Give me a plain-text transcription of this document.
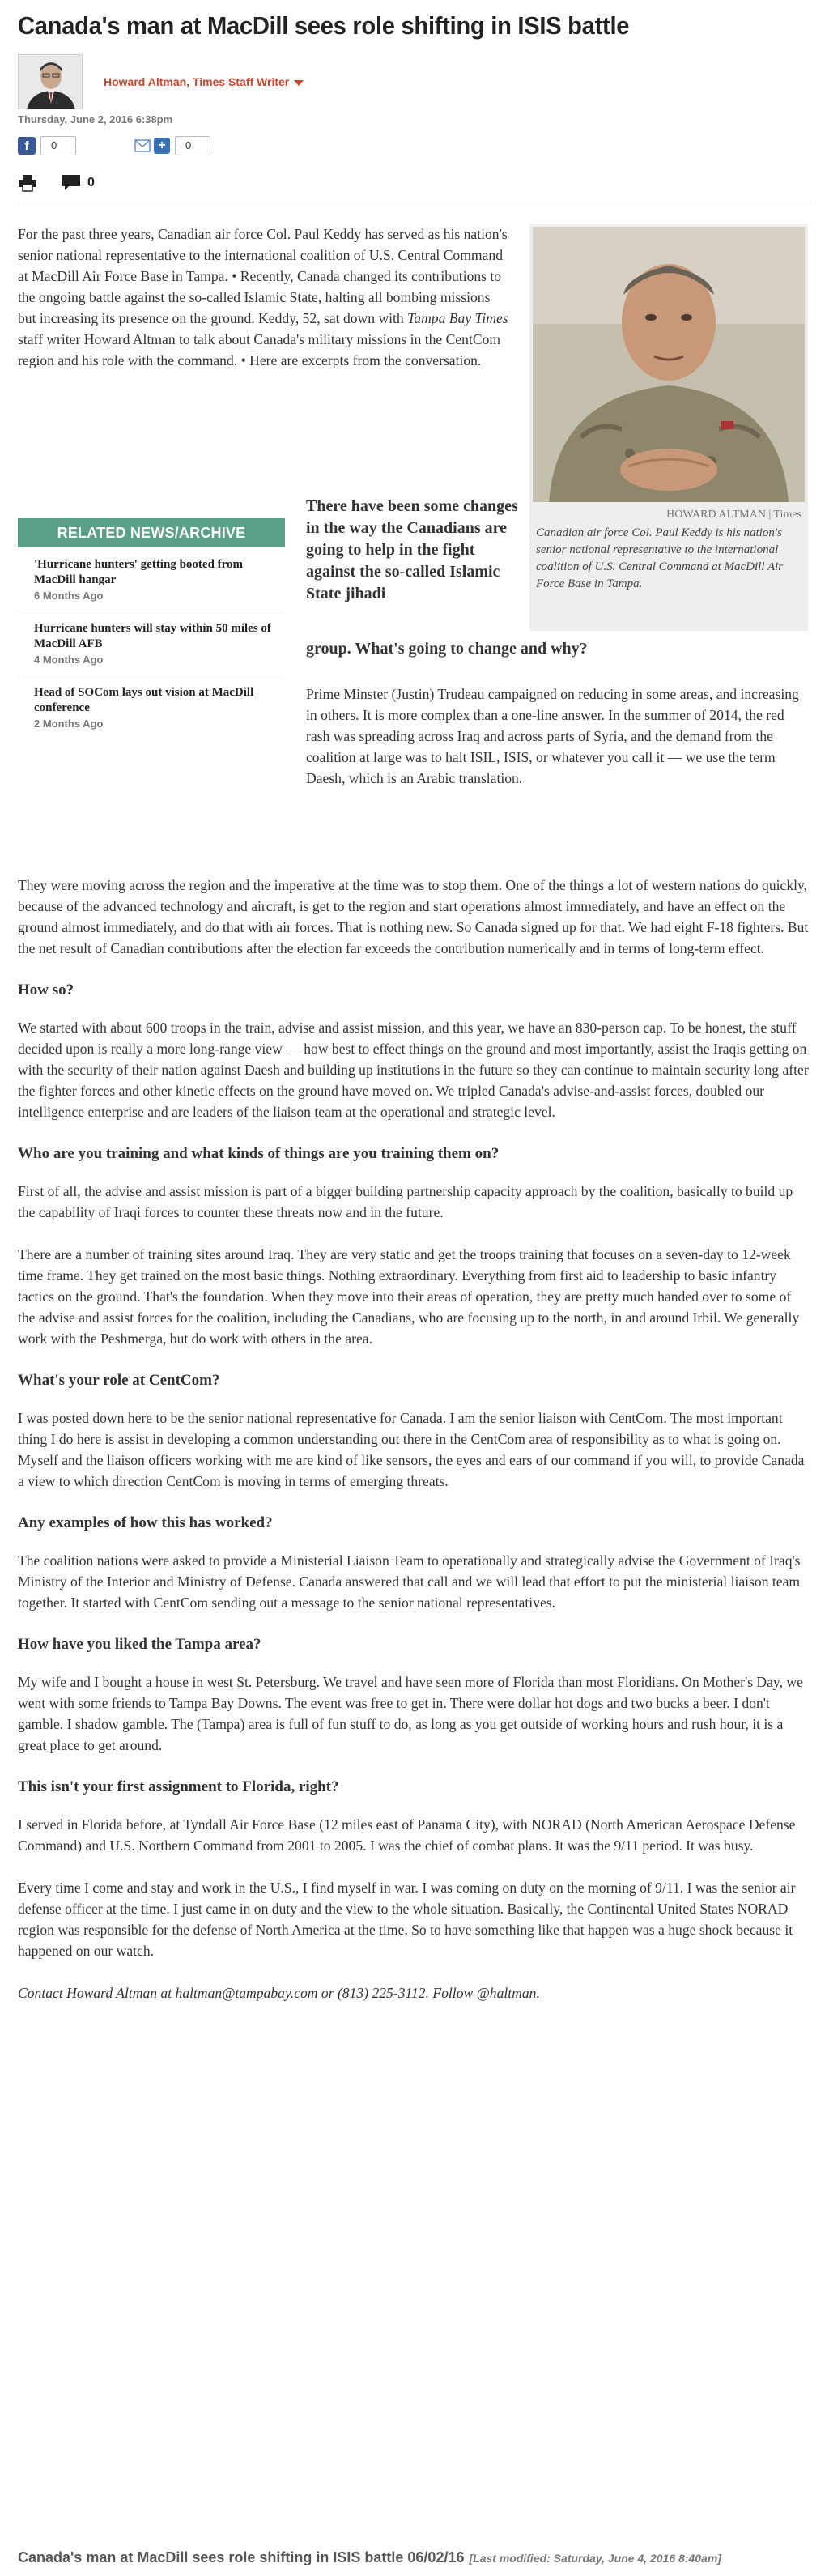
Canada's man at MacDill sees role shifting in ISIS battle
Howard Altman, Times Staff Writer
Thursday, June 2, 2016 6:38pm
f	0	+	0
0

For the past three years, Canadian air force Col. Paul Keddy has served as his nation's senior national representative to the international coalition of U.S. Central Command at MacDill Air Force Base in Tampa. • Recently, Canada changed its contributions to the ongoing battle against the so-called Islamic State, halting all bombing missions but increasing its presence on the ground. Keddy, 52, sat down with Tampa Bay Times staff writer Howard Altman to talk about Canada's military missions in the CentCom region and his role with the command. • Here are excerpts from the conversation.

HOWARD ALTMAN | Times
Canadian air force Col. Paul Keddy is his nation's senior national representative to the international coalition of U.S. Central Command at MacDill Air Force Base in Tampa.
RELATED NEWS/ARCHIVE
'Hurricane hunters' getting booted from MacDill hangar
6 Months Ago
Hurricane hunters will stay within 50 miles of MacDill AFB
4 Months Ago
Head of SOCom lays out vision at MacDill conference
2 Months Ago
There have been some changes in the way the Canadians are going to help in the fight against the so-called Islamic State jihadi
group. What's going to change and why?

Prime Minster (Justin) Trudeau campaigned on reducing in some areas, and increasing in others. It is more complex than a one-line answer. In the summer of 2014, the red rash was spreading across Iraq and across parts of Syria, and the demand from the coalition at large was to halt ISIL, ISIS, or whatever you call it — we use the term Daesh, which is an Arabic translation.

They were moving across the region and the imperative at the time was to stop them. One of the things a lot of western nations do quickly, because of the advanced technology and aircraft, is get to the region and start operations almost immediately, and have an effect on the ground almost immediately, and do that with air forces. That is nothing new. So Canada signed up for that. We had eight F-18 fighters. But the net result of Canadian contributions after the election far exceeds the contribution numerically and in terms of long-term effect.

How so?

We started with about 600 troops in the train, advise and assist mission, and this year, we have an 830-person cap. To be honest, the stuff decided upon is really a more long-range view — how best to effect things on the ground and most importantly, assist the Iraqis getting on with the security of their nation against Daesh and building up institutions in the future so they can continue to maintain security long after the fighter forces and other kinetic effects on the ground have moved on. We tripled Canada's advise-and-assist forces, doubled our intelligence enterprise and are leaders of the liaison team at the operational and strategic level.

Who are you training and what kinds of things are you training them on?

First of all, the advise and assist mission is part of a bigger building partnership capacity approach by the coalition, basically to build up the capability of Iraqi forces to counter these threats now and in the future.

There are a number of training sites around Iraq. They are very static and get the troops training that focuses on a seven-day to 12-week time frame. They get trained on the most basic things. Nothing extraordinary. Everything from first aid to leadership to basic infantry tactics on the ground. That's the foundation. When they move into their areas of operation, they are pretty much handed over to some of the advise and assist forces for the coalition, including the Canadians, who are focusing up to the north, in and around Irbil. We generally work with the Peshmerga, but do work with others in the area.

What's your role at CentCom?

I was posted down here to be the senior national representative for Canada. I am the senior liaison with CentCom. The most important thing I do here is assist in developing a common understanding out there in the CentCom area of responsibility as to what is going on. Myself and the liaison officers working with me are kind of like sensors, the eyes and ears of our command if you will, to provide Canada a view to which direction CentCom is moving in terms of emerging threats.

Any examples of how this has worked?

The coalition nations were asked to provide a Ministerial Liaison Team to operationally and strategically advise the Government of Iraq's Ministry of the Interior and Ministry of Defense. Canada answered that call and we will lead that effort to put the ministerial liaison team together. It started with CentCom sending out a message to the senior national representatives.

How have you liked the Tampa area?

My wife and I bought a house in west St. Petersburg. We travel and have seen more of Florida than most Floridians. On Mother's Day, we went with some friends to Tampa Bay Downs. The event was free to get in. There were dollar hot dogs and two bucks a beer. I don't gamble. I shadow gamble. The (Tampa) area is full of fun stuff to do, as long as you get outside of working hours and rush hour, it is a great place to get around.

This isn't your first assignment to Florida, right?

I served in Florida before, at Tyndall Air Force Base (12 miles east of Panama City), with NORAD (North American Aerospace Defense Command) and U.S. Northern Command from 2001 to 2005. I was the chief of combat plans. It was the 9/11 period. It was busy.

Every time I come and stay and work in the U.S., I find myself in war. I was coming on duty on the morning of 9/11. I was the senior air defense officer at the time. I just came in on duty and the view to the whole situation. Basically, the Continental United States NORAD region was responsible for the defense of North America at the time. So to have something like that happen was a huge shock because it happened on our watch.

Contact Howard Altman at haltman@tampabay.com or (813) 225-3112. Follow @haltman.

Canada's man at MacDill sees role shifting in ISIS battle 06/02/16 [Last modified: Saturday, June 4, 2016 8:40am]
